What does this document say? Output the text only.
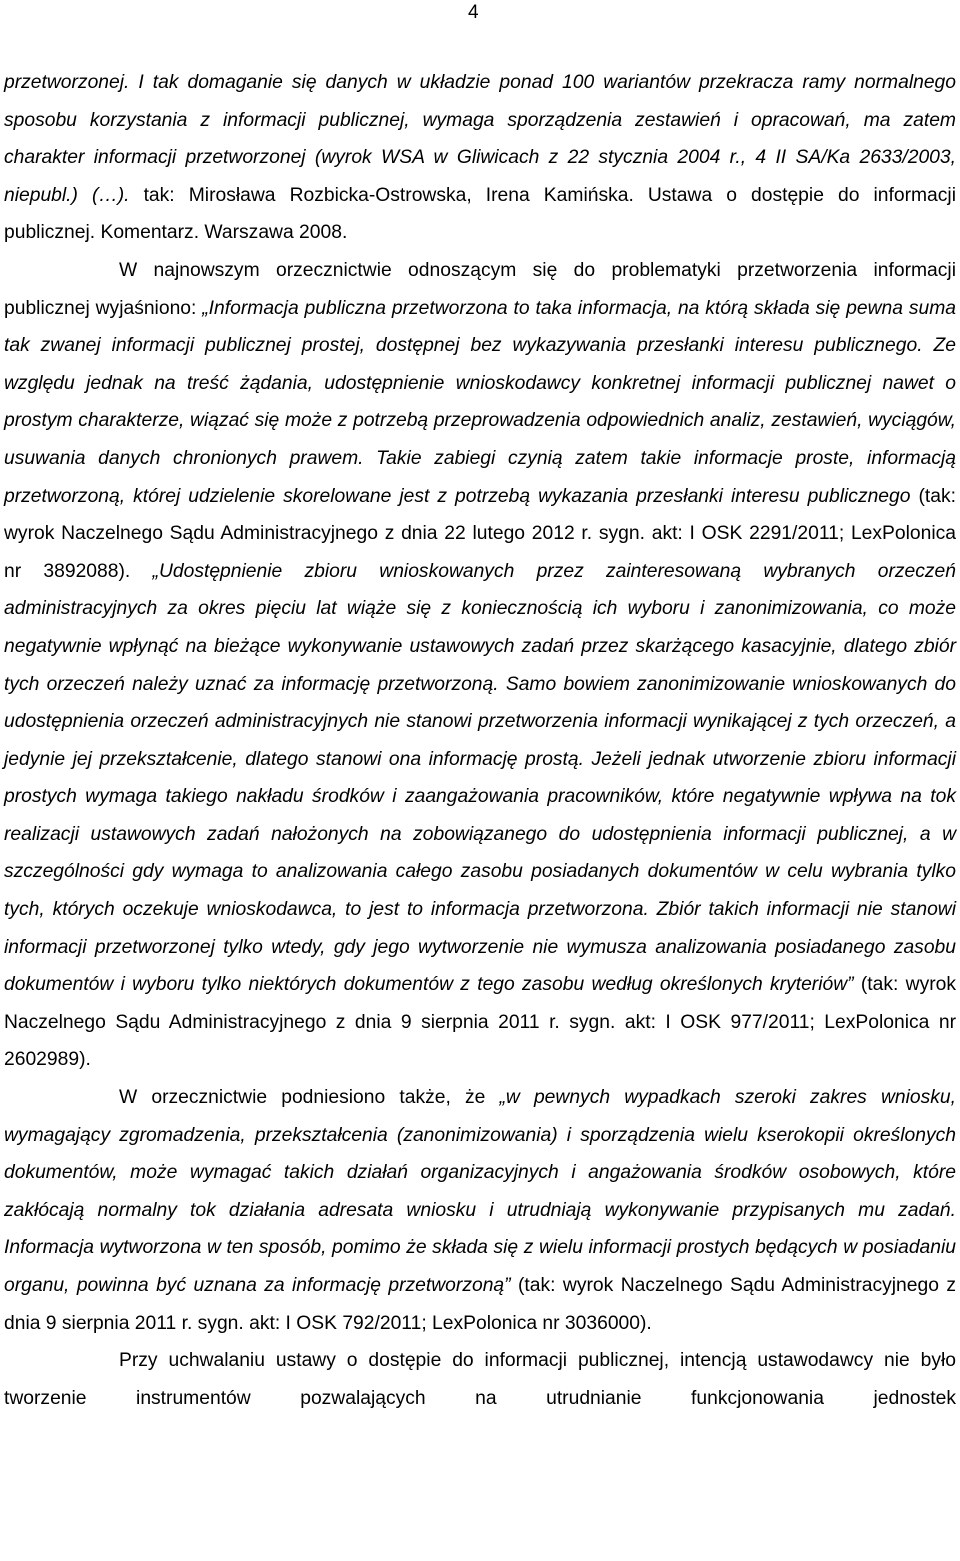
4

przetworzonej. I tak domaganie się danych w układzie ponad 100 wariantów przekracza ramy normalnego sposobu korzystania z informacji publicznej, wymaga sporządzenia zestawień i opracowań, ma zatem charakter informacji przetworzonej (wyrok WSA w Gliwicach z 22 stycznia 2004 r., 4 II SA/Ka 2633/2003, niepubl.) (…). tak: Mirosława Rozbicka-Ostrowska, Irena Kamińska. Ustawa o dostępie do informacji publicznej. Komentarz. Warszawa 2008.

W najnowszym orzecznictwie odnoszącym się do problematyki przetworzenia informacji publicznej wyjaśniono: „Informacja publiczna przetworzona to taka informacja, na którą składa się pewna suma tak zwanej informacji publicznej prostej, dostępnej bez wykazywania przesłanki interesu publicznego. Ze względu jednak na treść żądania, udostępnienie wnioskodawcy konkretnej informacji publicznej nawet o prostym charakterze, wiązać się może z potrzebą przeprowadzenia odpowiednich analiz, zestawień, wyciągów, usuwania danych chronionych prawem. Takie zabiegi czynią zatem takie informacje proste, informacją przetworzoną, której udzielenie skorelowane jest z potrzebą wykazania przesłanki interesu publicznego (tak: wyrok Naczelnego Sądu Administracyjnego z dnia 22 lutego 2012 r. sygn. akt: I OSK 2291/2011; LexPolonica nr 3892088). „Udostępnienie zbioru wnioskowanych przez zainteresowaną wybranych orzeczeń administracyjnych za okres pięciu lat wiąże się z koniecznością ich wyboru i zanonimizowania, co może negatywnie wpłynąć na bieżące wykonywanie ustawowych zadań przez skarżącego kasacyjnie, dlatego zbiór tych orzeczeń należy uznać za informację przetworzoną. Samo bowiem zanonimizowanie wnioskowanych do udostępnienia orzeczeń administracyjnych nie stanowi przetworzenia informacji wynikającej z tych orzeczeń, a jedynie jej przekształcenie, dlatego stanowi ona informację prostą. Jeżeli jednak utworzenie zbioru informacji prostych wymaga takiego nakładu środków i zaangażowania pracowników, które negatywnie wpływa na tok realizacji ustawowych zadań nałożonych na zobowiązanego do udostępnienia informacji publicznej, a w szczególności gdy wymaga to analizowania całego zasobu posiadanych dokumentów w celu wybrania tylko tych, których oczekuje wnioskodawca, to jest to informacja przetworzona. Zbiór takich informacji nie stanowi informacji przetworzonej tylko wtedy, gdy jego wytworzenie nie wymusza analizowania posiadanego zasobu dokumentów i wyboru tylko niektórych dokumentów z tego zasobu według określonych kryteriów” (tak: wyrok Naczelnego Sądu Administracyjnego z dnia 9 sierpnia 2011 r. sygn. akt: I OSK 977/2011; LexPolonica nr 2602989).

W orzecznictwie podniesiono także, że „w pewnych wypadkach szeroki zakres wniosku, wymagający zgromadzenia, przekształcenia (zanonimizowania) i sporządzenia wielu kserokopii określonych dokumentów, może wymagać takich działań organizacyjnych i angażowania środków osobowych, które zakłócają normalny tok działania adresata wniosku i utrudniają wykonywanie przypisanych mu zadań. Informacja wytworzona w ten sposób, pomimo że składa się z wielu informacji prostych będących w posiadaniu organu, powinna być uznana za informację przetworzoną” (tak: wyrok Naczelnego Sądu Administracyjnego z dnia 9 sierpnia 2011 r. sygn. akt: I OSK 792/2011; LexPolonica nr 3036000).

Przy uchwalaniu ustawy o dostępie do informacji publicznej, intencją ustawodawcy nie było tworzenie instrumentów pozwalających na utrudnianie funkcjonowania jednostek
